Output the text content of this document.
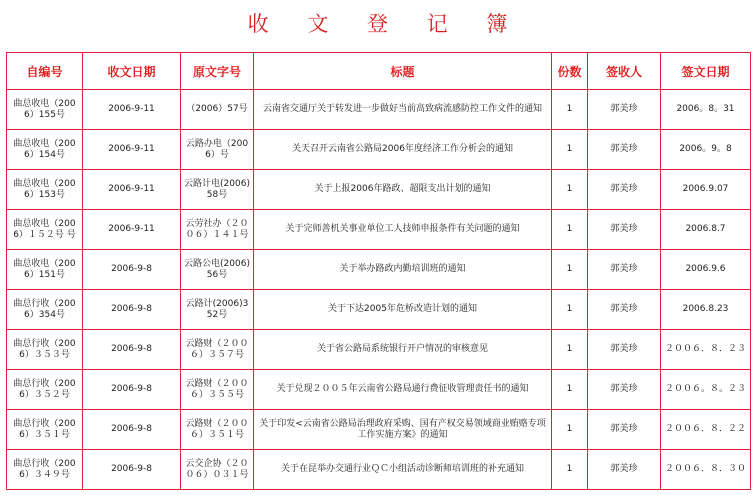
收 文 登 记 簿
自编号	收文日期	原文字号	标题	份数	签收人	签文日期
曲总收电（2006）155号	2006-9-11	（2006）57号	云南省交通厅关于转发进一步做好当前高致病流感防控工作文件的通知	1	郭美珍	2006。8。31
曲总收电（2006）154号	2006-9-11	云路办电（2006）号	关天召开云南省公路局2006年度经济工作分析会的通知	1	郭美珍	2006。9。8
曲总收电（2006）153号	2006-9-11	云路计电(2006)58号	关于上报2006年路政、超限支出计划的通知	1	郭美珍	2006.9.07
曲总收电（2006）１５２号 号	2006-9-11	云劳社办（２００６）１４１号	关于完师善机关事业单位工人技师申报条件有关问题的通知	1	郭美珍	2006.8.7
曲总收电（2006）151号	2006-9-8	云路公电(2006)56号	关于举办路政内勤培训班的通知	1	郭美珍	2006.9.6
曲总行收（2006）354号	2006-9-8	云路计(2006)352号	关于下达2005年危桥改造计划的通知	1	郭美珍	2006.8.23
曲总行收（2006）３５３号	2006-9-8	云路财（２００６）３５７号	关于省公路局系统银行开户情况的审核意见	1	郭美珍	２００６．８．２３
曲总行收（2006）３５２号	2006-9-8	云路财（２００６）３５５号	关于兑现２００５年云南省公路局通行费征收管理责任书的通知	1	郭美珍	２００６。８。２３
曲总行收（2006）３５１号	2006-9-8	云路财（２００６）３５１号	关于印发<云南省公路局治理政府采购、国有产权交易领域商业贿赂专项工作实施方案》的通知	1	郭美珍	２００６．８．２２
曲总行收（2006）３４９号	2006-9-8	云交企协（２００６）０３１号	关于在昆举办交通行业ＱＣ小组活动诊断师培训班的补充通知	1	郭美珍	２００６．８．３０
